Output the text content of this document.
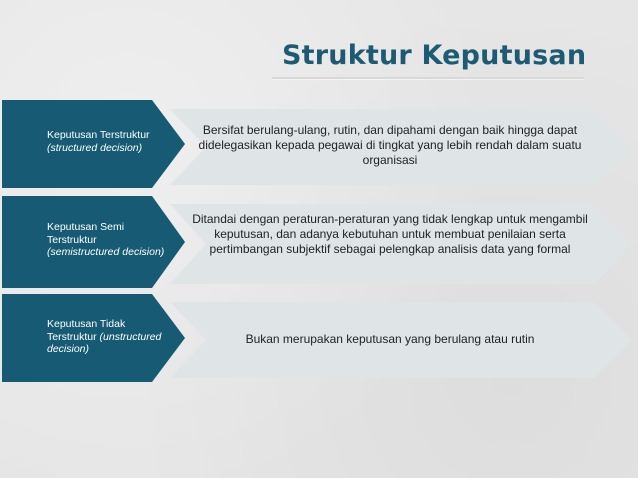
Struktur Keputusan
Keputusan Terstruktur
(structured decision)
Bersifat berulang-ulang, rutin, dan dipahami dengan baik hingga dapat didelegasikan kepada pegawai di tingkat yang lebih rendah dalam suatu organisasi
Keputusan Semi Terstruktur
(semistructured decision)
Ditandai dengan peraturan-peraturan yang tidak lengkap untuk mengambil keputusan, dan adanya kebutuhan untuk membuat penilaian serta pertimbangan subjektif sebagai pelengkap analisis data yang formal
Keputusan Tidak Terstruktur (unstructured decision)
Bukan merupakan keputusan yang berulang atau rutin
